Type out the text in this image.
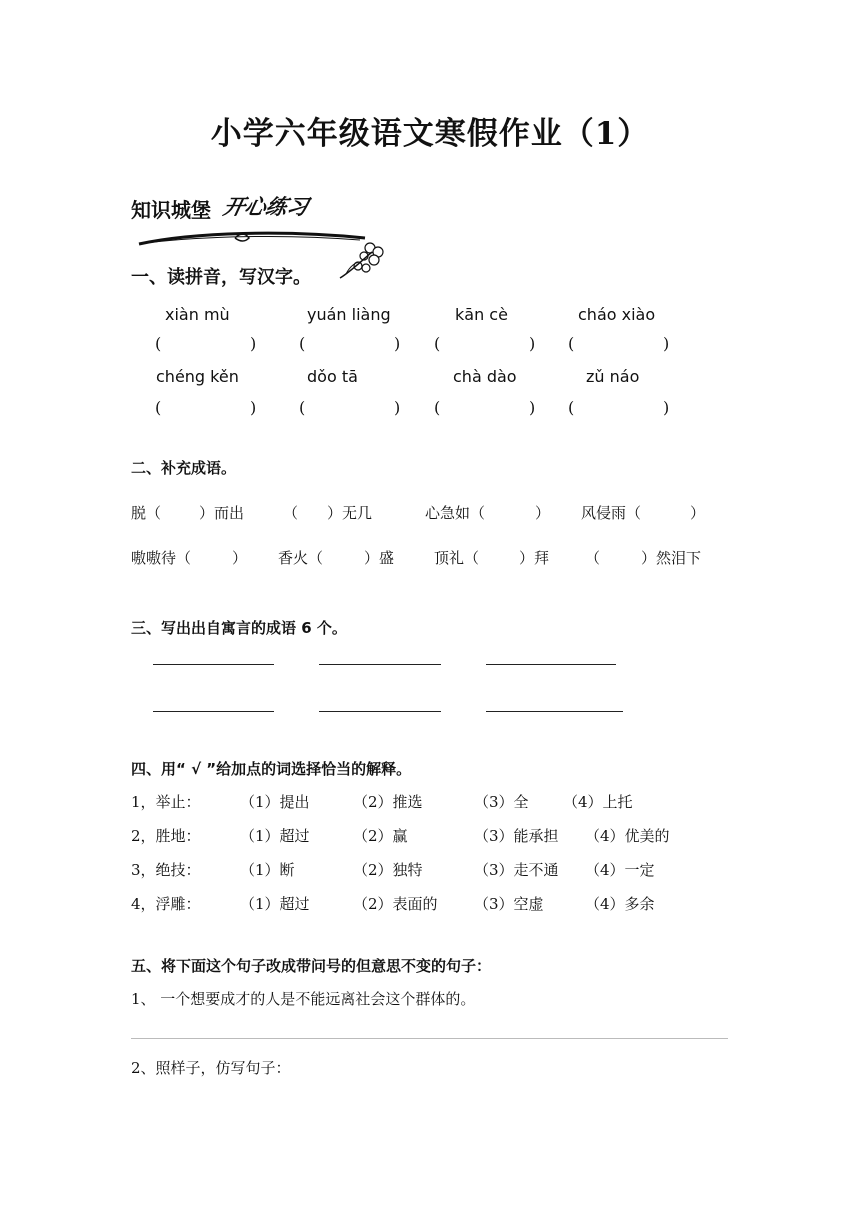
小学六年级语文寒假作业（1）
知识城堡 开心练习
一、读拼音，写汉字。
xiàn mù	yuán liàng	kān cè	cháo xiào
(	)	(	) (	) (	)
chéng kěn	dǒo tā	chà dào	zǔ náo
(	)	(	) (	) (	)
二、补充成语。
脱（	）而出	（ ）无几	心急如（	） 风侵雨（	）
嗷嗷待（	） 香火（	）盛	顶礼（	）拜 （	）然泪下
三、写出出自寓言的成语 6 个。
四、用“ √ ”给加点的词选择恰当的解释。
1，举止：	（1）提出	（2）推选	（3）全 （4）上托
2，胜地：	（1）超过	（2）赢	（3）能承担 （4）优美的
3，绝技：	（1）断	（2）独特	（3）走不通 （4）一定
4，浮雕：	（1）超过	（2）表面的 （3）空虚	（4）多余
五、将下面这个句子改成带问号的但意思不变的句子：
1、 一个想要成才的人是不能远离社会这个群体的。
2、照样子，仿写句子：
